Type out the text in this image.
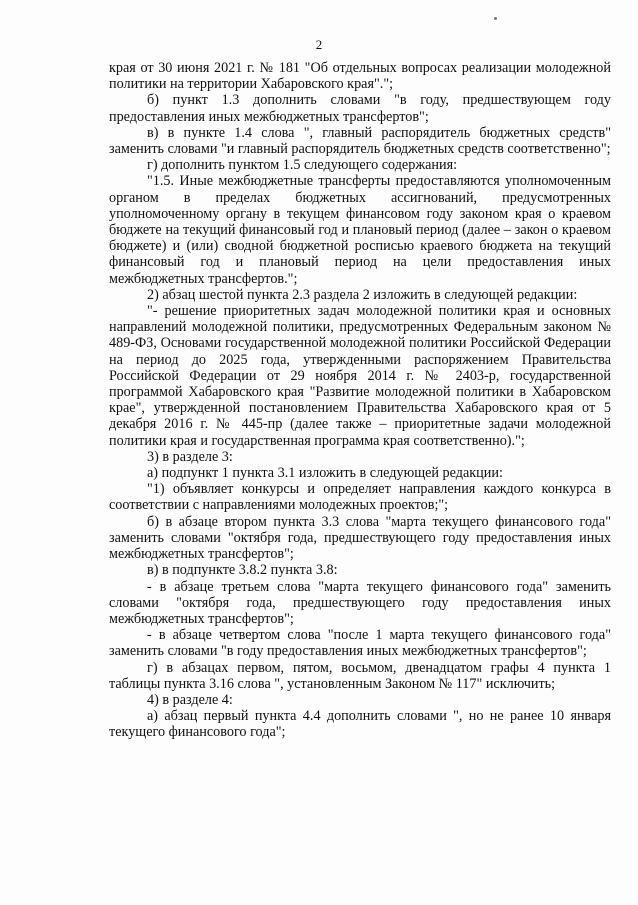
2

края от 30 июня 2021 г. № 181 "Об отдельных вопросах реализации молодежной политики на территории Хабаровского края".";

б) пункт 1.3 дополнить словами "в году, предшествующем году предоставления иных межбюджетных трансфертов";

в) в пункте 1.4 слова ", главный распорядитель бюджетных средств" заменить словами "и главный распорядитель бюджетных средств соответственно";

г) дополнить пунктом 1.5 следующего содержания:

"1.5. Иные межбюджетные трансферты предоставляются уполномоченным органом в пределах бюджетных ассигнований, предусмотренных уполномоченному органу в текущем финансовом году законом края о краевом бюджете на текущий финансовый год и плановый период (далее – закон о краевом бюджете) и (или) сводной бюджетной росписью краевого бюджета на текущий финансовый год и плановый период на цели предоставления иных межбюджетных трансфертов.";

2) абзац шестой пункта 2.3 раздела 2 изложить в следующей редакции:

"- решение приоритетных задач молодежной политики края и основных направлений молодежной политики, предусмотренных Федеральным законом № 489-ФЗ, Основами государственной молодежной политики Российской Федерации на период до 2025 года, утвержденными распоряжением Правительства Российской Федерации от 29 ноября 2014 г. № 2403-р, государственной программой Хабаровского края "Развитие молодежной политики в Хабаровском крае", утвержденной постановлением Правительства Хабаровского края от 5 декабря 2016 г. № 445-пр (далее также – приоритетные задачи молодежной политики края и государственная программа края соответственно).";

3) в разделе 3:

а) подпункт 1 пункта 3.1 изложить в следующей редакции:

"1) объявляет конкурсы и определяет направления каждого конкурса в соответствии с направлениями молодежных проектов;";

б) в абзаце втором пункта 3.3 слова "марта текущего финансового года" заменить словами "октября года, предшествующего году предоставления иных межбюджетных трансфертов";

в) в подпункте 3.8.2 пункта 3.8:

- в абзаце третьем слова "марта текущего финансового года" заменить словами "октября года, предшествующего году предоставления иных межбюджетных трансфертов";

- в абзаце четвертом слова "после 1 марта текущего финансового года" заменить словами "в году предоставления иных межбюджетных трансфертов";

г) в абзацах первом, пятом, восьмом, двенадцатом графы 4 пункта 1 таблицы пункта 3.16 слова ", установленным Законом № 117" исключить;

4) в разделе 4:

а) абзац первый пункта 4.4 дополнить словами ", но не ранее 10 января текущего финансового года";
